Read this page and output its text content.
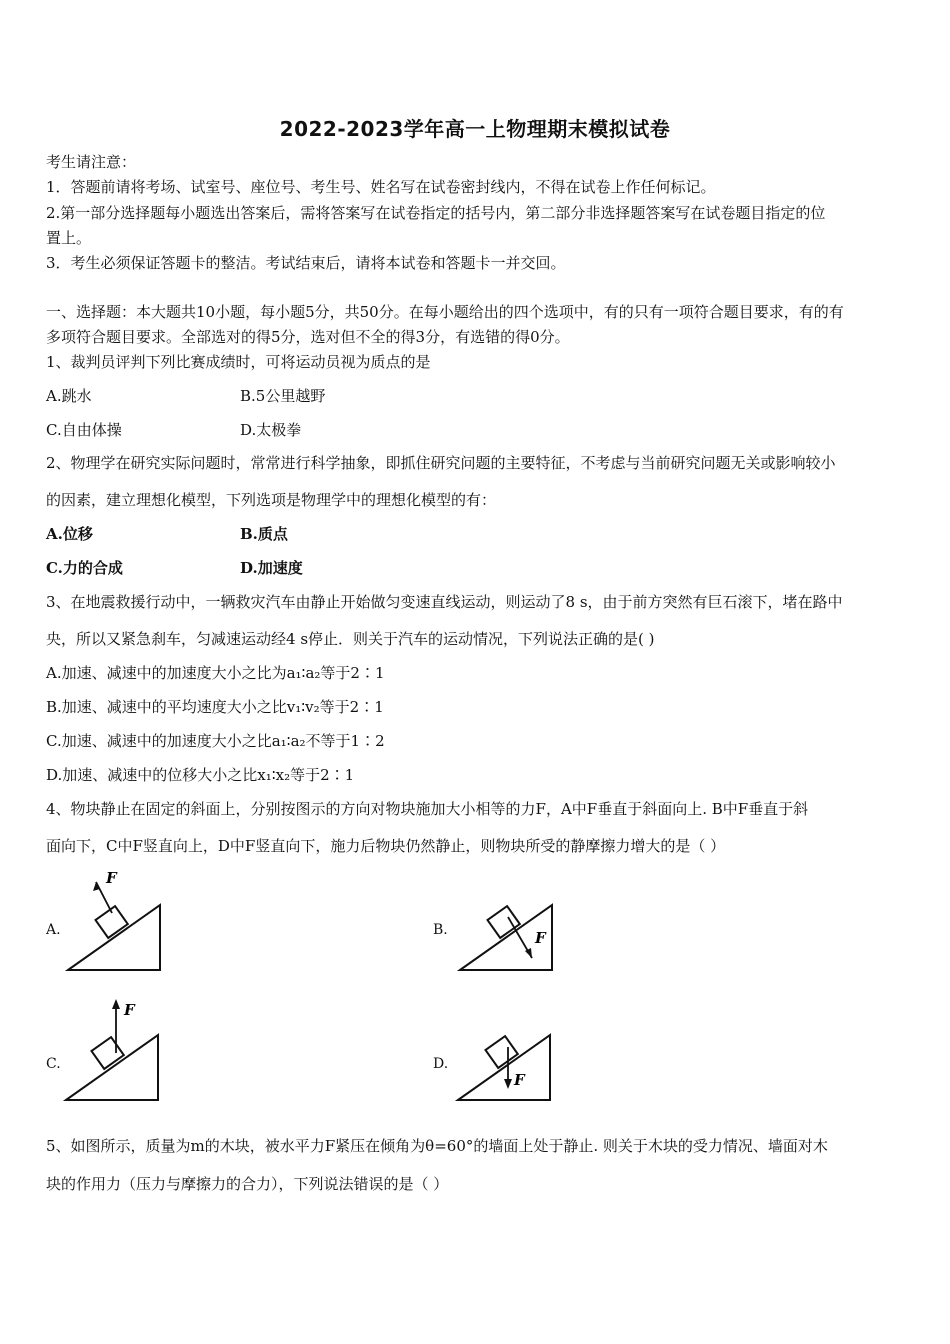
2022-2023学年高一上物理期末模拟试卷
考生请注意：
1．答题前请将考场、试室号、座位号、考生号、姓名写在试卷密封线内，不得在试卷上作任何标记。
2.第一部分选择题每小题选出答案后，需将答案写在试卷指定的括号内，第二部分非选择题答案写在试卷题目指定的位
置上。
3．考生必须保证答题卡的整洁。考试结束后，请将本试卷和答题卡一并交回。
一、选择题：本大题共10小题，每小题5分，共50分。在每小题给出的四个选项中，有的只有一项符合题目要求，有的有
多项符合题目要求。全部选对的得5分，选对但不全的得3分，有选错的得0分。
1、裁判员评判下列比赛成绩时，可将运动员视为质点的是
A.跳水	B.5公里越野
C.自由体操	D.太极拳
2、物理学在研究实际问题时，常常进行科学抽象，即抓住研究问题的主要特征，不考虑与当前研究问题无关或影响较小
的因素，建立理想化模型，下列选项是物理学中的理想化模型的有：
A.位移	B.质点
C.力的合成	D.加速度
3、在地震救援行动中，一辆救灾汽车由静止开始做匀变速直线运动，则运动了8 s，由于前方突然有巨石滚下，堵在路中
央，所以又紧急刹车，匀减速运动经4 s停止．则关于汽车的运动情况，下列说法正确的是( )
A.加速、减速中的加速度大小之比为a₁∶a₂等于2∶1
B.加速、减速中的平均速度大小之比v₁∶v₂等于2∶1
C.加速、减速中的加速度大小之比a₁∶a₂不等于1∶2
D.加速、减速中的位移大小之比x₁∶x₂等于2∶1
4、物块静止在固定的斜面上，分别按图示的方向对物块施加大小相等的力F，A中F垂直于斜面向上. B中F垂直于斜
面向下，C中F竖直向上，D中F竖直向下，施力后物块仍然静止，则物块所受的静摩擦力增大的是（ ）
A.
F
B.	F
C.
F
D.
F
5、如图所示，质量为m的木块，被水平力F紧压在倾角为θ=60°的墙面上处于静止. 则关于木块的受力情况、墙面对木
块的作用力（压力与摩擦力的合力），下列说法错误的是（ ）
